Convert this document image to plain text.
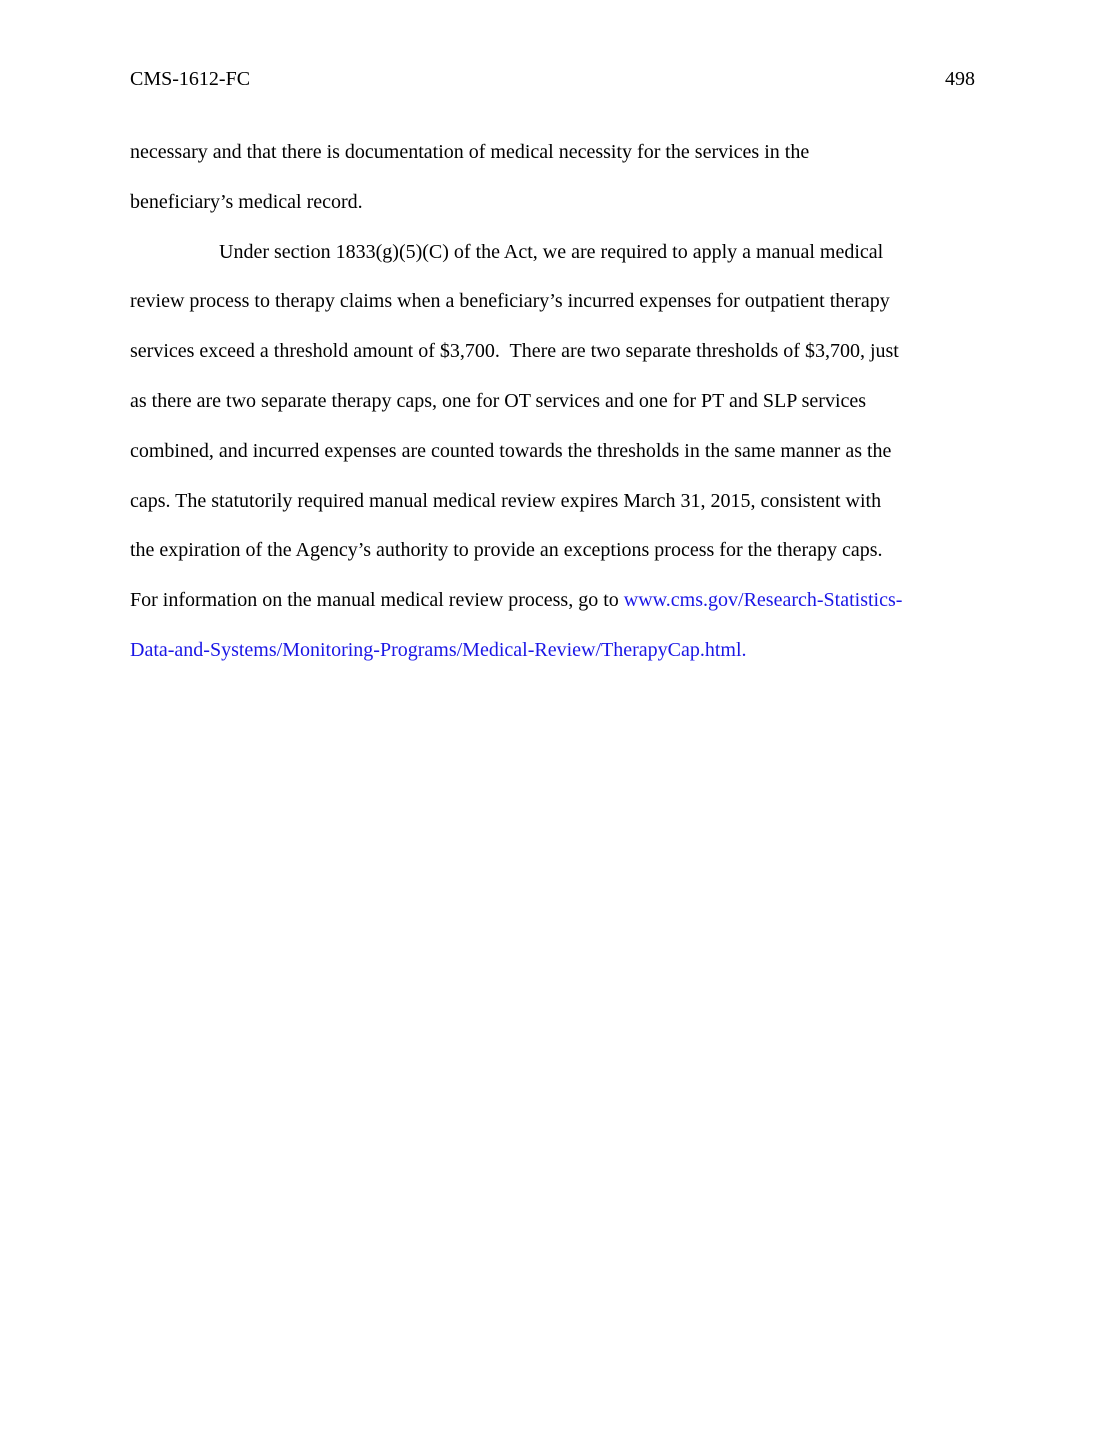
CMS-1612-FC	498
necessary and that there is documentation of medical necessity for the services in the
beneficiary’s medical record.
Under section 1833(g)(5)(C) of the Act, we are required to apply a manual medical
review process to therapy claims when a beneficiary’s incurred expenses for outpatient therapy
services exceed a threshold amount of $3,700.  There are two separate thresholds of $3,700, just
as there are two separate therapy caps, one for OT services and one for PT and SLP services
combined, and incurred expenses are counted towards the thresholds in the same manner as the
caps. The statutorily required manual medical review expires March 31, 2015, consistent with
the expiration of the Agency’s authority to provide an exceptions process for the therapy caps.
For information on the manual medical review process, go to www.cms.gov/Research-Statistics-
Data-and-Systems/Monitoring-Programs/Medical-Review/TherapyCap.html.
